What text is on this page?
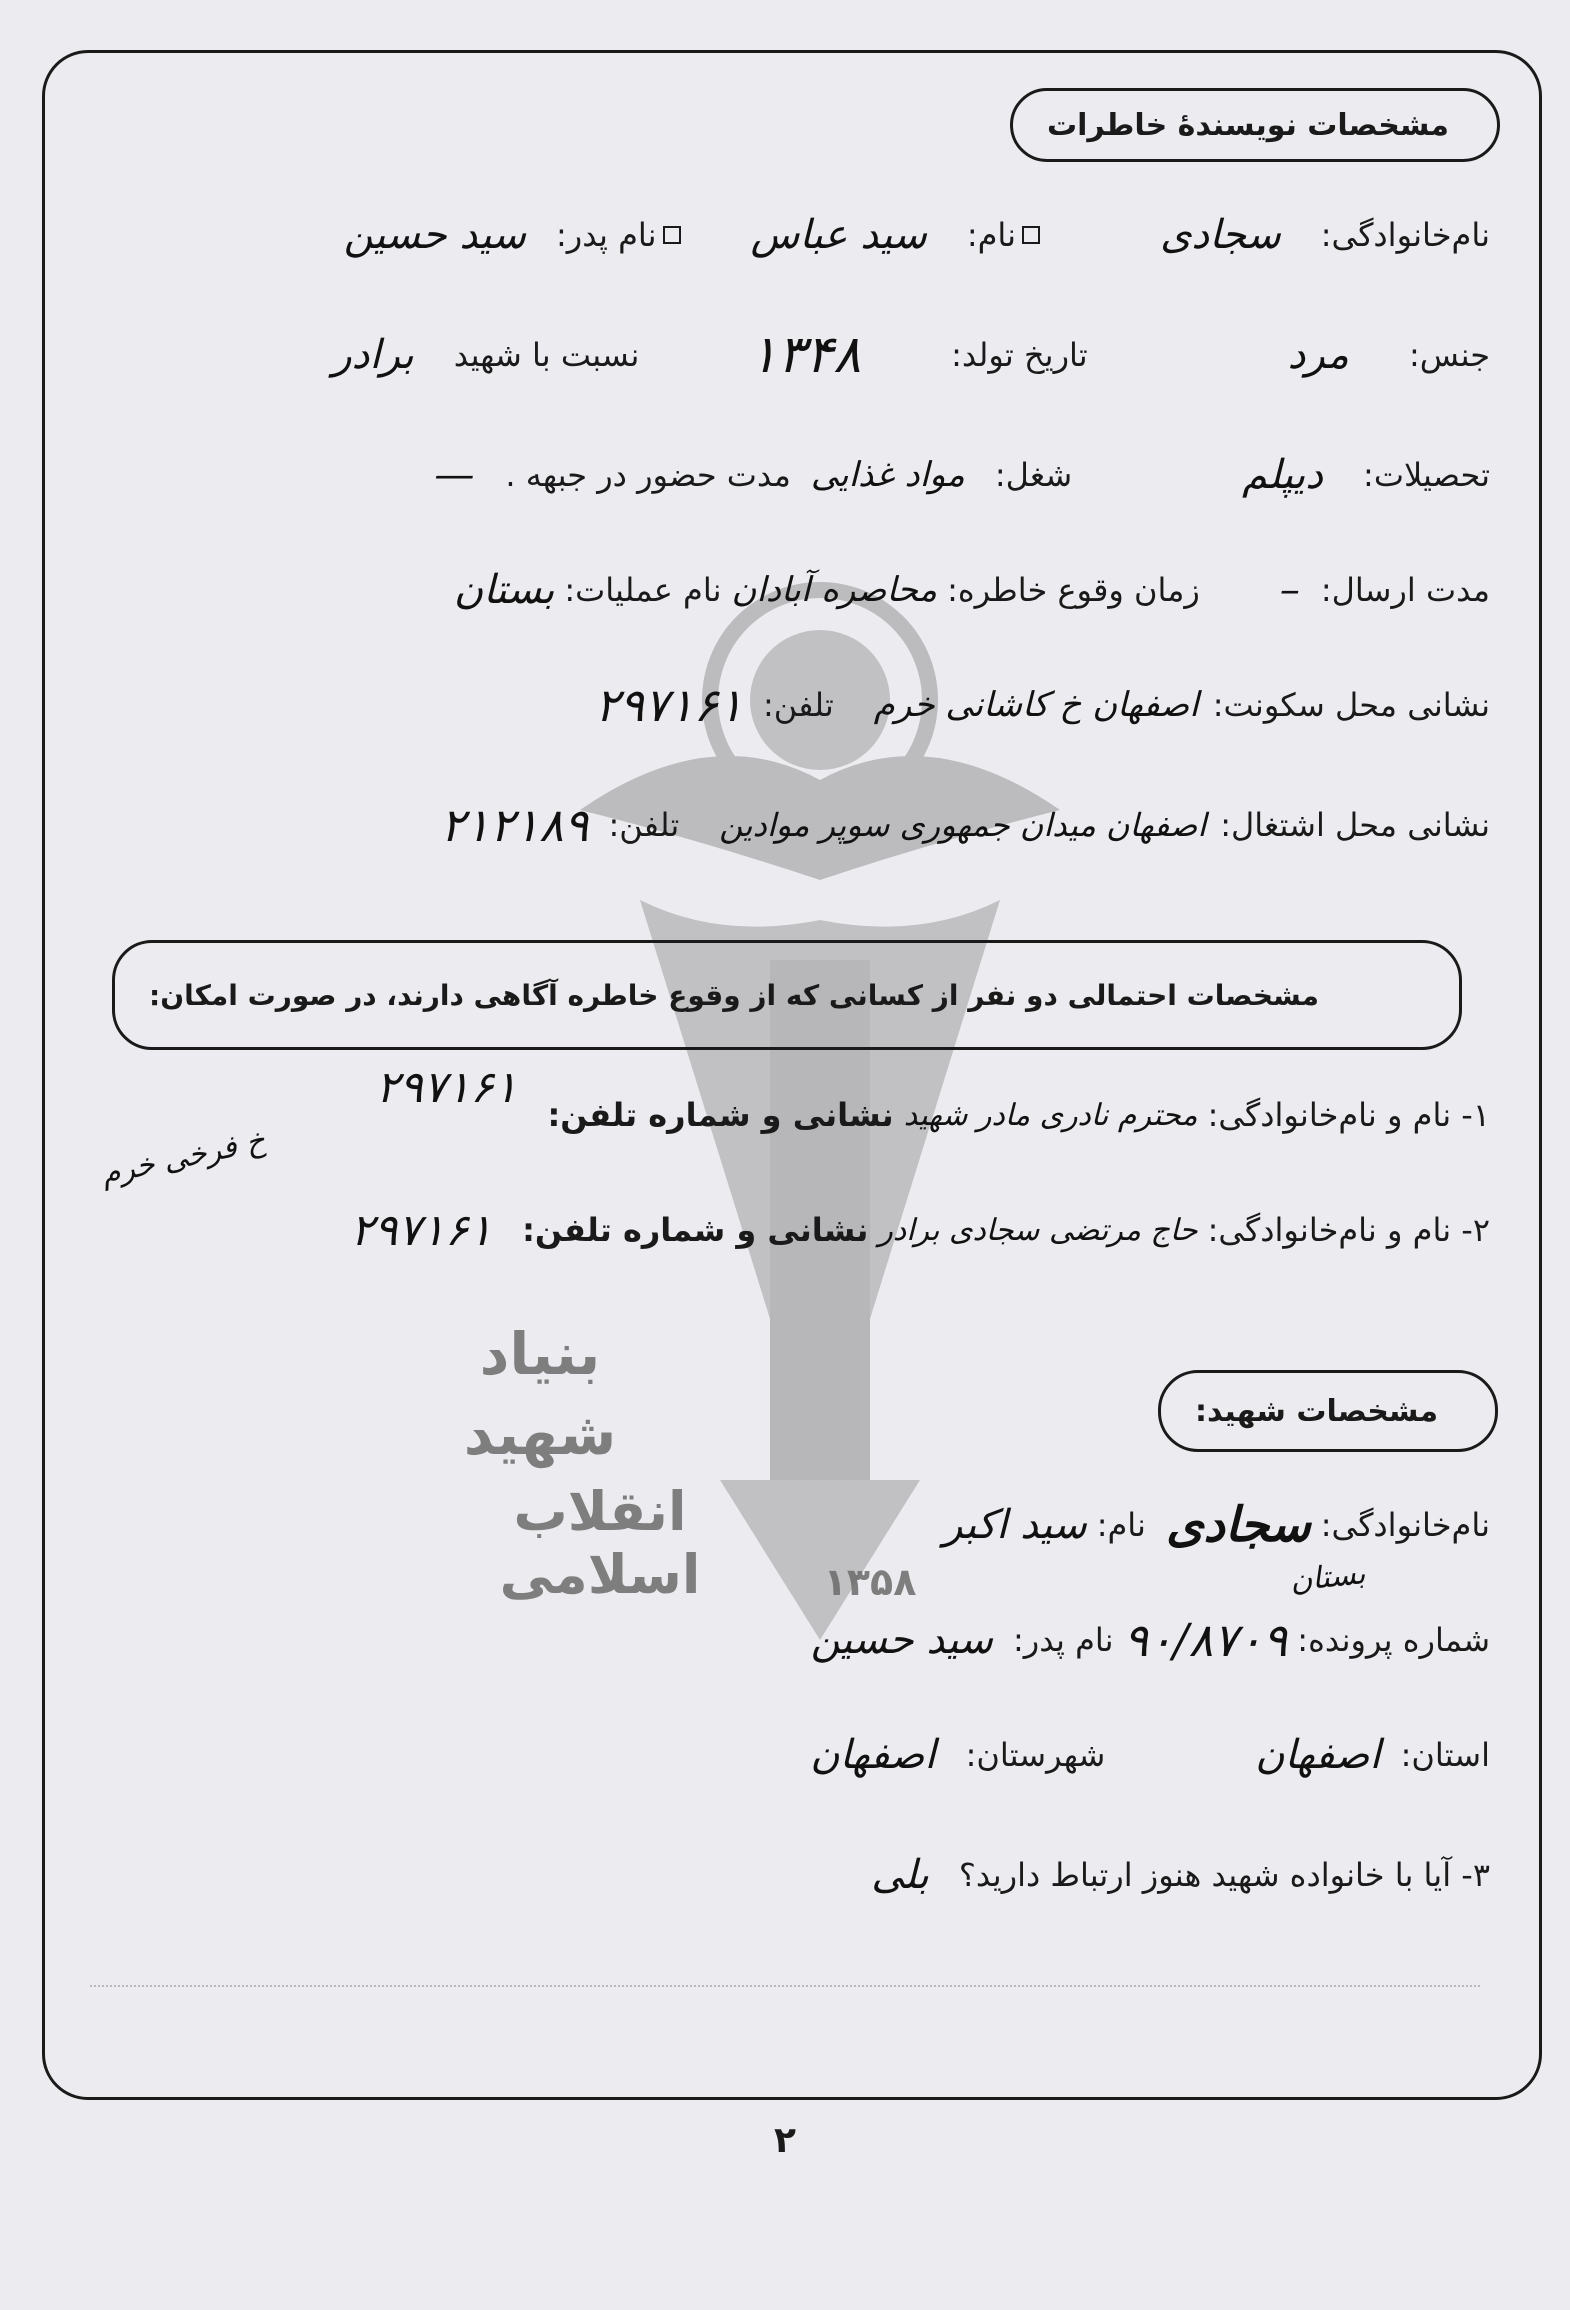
بنیاد
شهید
انقلاب اسلامی	۱۳۵۸
مشخصات نویسندهٔ خاطرات
نام‌خانوادگی:
سجادی
نام:
سید عباس
نام پدر:
سید حسین
جنس:
مرد
تاریخ تولد:
۱۳۴۸
نسبت با شهید
برادر
تحصیلات:
دیپلم
شغل:
مواد غذایی
مدت حضور در جبهه .
—
مدت ارسال:
–
زمان وقوع خاطره:
محاصره آبادان
نام عملیات:
بستان
نشانی محل سکونت:
اصفهان خ کاشانی خرم
تلفن:
۲۹۷۱۶۱
نشانی محل اشتغال:
اصفهان میدان جمهوری سوپر موادین
تلفن:
۲۱۲۱۸۹
مشخصات احتمالی دو نفر از کسانی که از وقوع خاطره آگاهی دارند، در صورت امکان:
۱- نام و نام‌خانوادگی:
محترم نادری مادر شهید
نشانی و شماره تلفن:
۲۹۷۱۶۱
خ فرخی خرم
۲- نام و نام‌خانوادگی:
حاج مرتضی سجادی برادر
نشانی و شماره تلفن:
۲۹۷۱۶۱
مشخصات شهید:
نام‌خانوادگی:
سجادی
نام:
سید اکبر
بستان
شماره پرونده:
۹۰/۸۷۰۹
نام پدر:
سید حسین
استان:
اصفهان
شهرستان:
اصفهان
۳- آیا با خانواده شهید هنوز ارتباط دارید؟
بلی
۲
